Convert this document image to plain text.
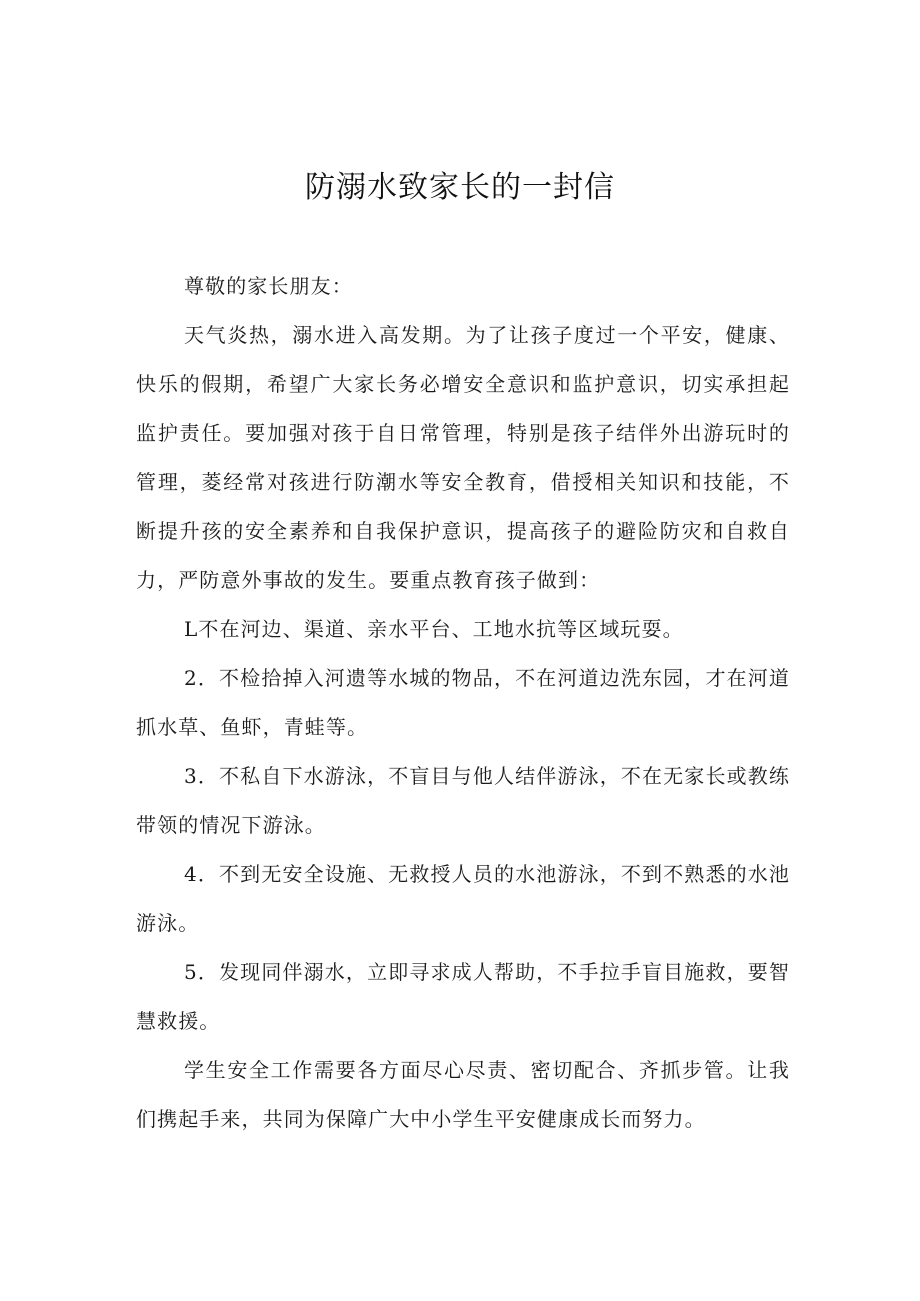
防溺水致家长的一封信

尊敬的家长朋友：

天气炎热，溺水进入高发期。为了让孩子度过一个平安，健康、快乐的假期，希望广大家长务必增安全意识和监护意识，切实承担起监护责任。要加强对孩于自日常管理，特别是孩子结伴外出游玩时的管理，菱经常对孩进行防潮水等安全教育，借授相关知识和技能，不断提升孩的安全素养和自我保护意识，提高孩子的避险防灾和自救自力，严防意外事故的发生。要重点教育孩子做到：

L不在河边、渠道、亲水平台、工地水抗等区域玩耍。

2．不检拾掉入河遗等水城的物品，不在河道边洗东园，才在河道抓水草、鱼虾，青蛙等。

3．不私自下水游泳，不盲目与他人结伴游泳，不在无家长或教练带领的情况下游泳。

4．不到无安全设施、无救授人员的水池游泳，不到不熟悉的水池游泳。

5．发现同伴溺水，立即寻求成人帮助，不手拉手盲目施救，要智慧救援。

学生安全工作需要各方面尽心尽责、密切配合、齐抓步管。让我们携起手来，共同为保障广大中小学生平安健康成长而努力。
